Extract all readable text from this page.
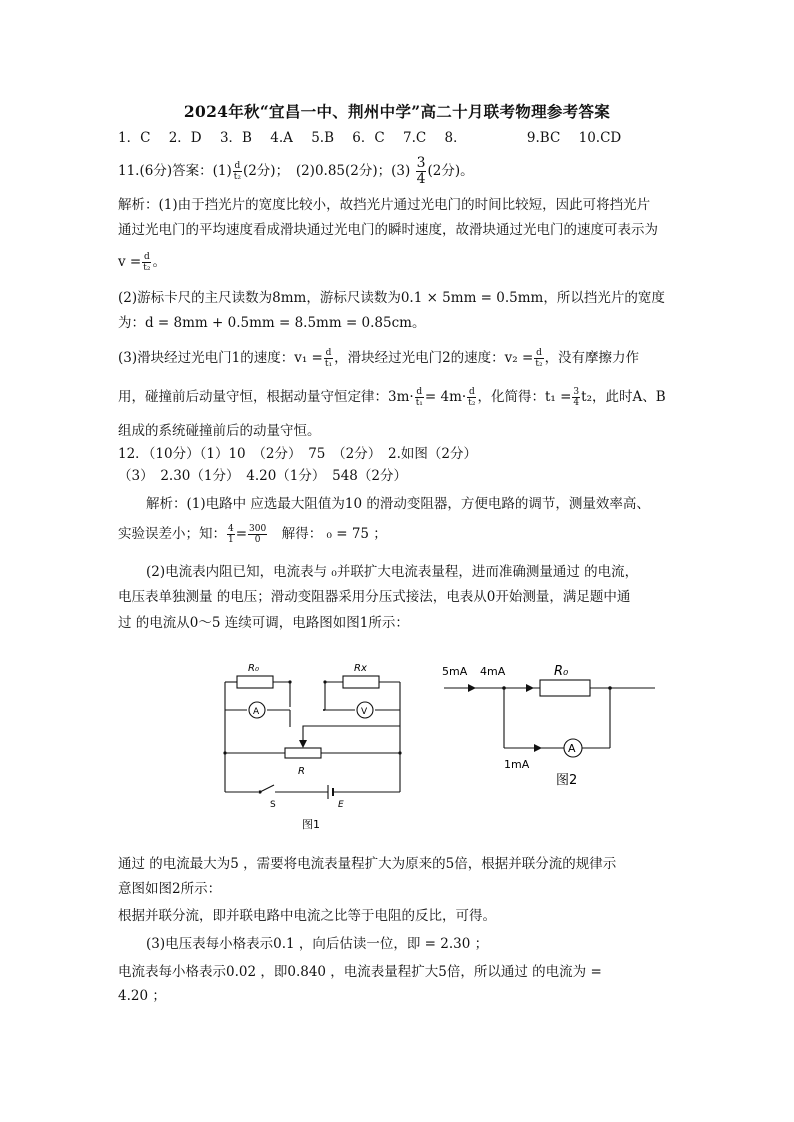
2024年秋“宜昌一中、荆州中学”高二十月联考物理参考答案
1．C 2．D 3．B 4.A 5.B 6．C 7.C 8．	9.BC 10.CD
11.(6分)答案：$(1) \frac{d}{\text{t₂}} (2$分)；　 (2)0.85(2分)；$(3) \frac{3}{4} (2$分)。
解析：(1)由于挡光片的宽度比较小，故挡光片通过光电门的时间比较短，因此可将挡光片
通过光电门的平均速度看成滑块通过光电门的瞬时速度，故滑块通过光电门的速度可表示为
$v = \frac{d}{\text{t₂}}$ 。
(2)游标卡尺的主尺读数为8mm，游标尺读数为0.1 × 5mm = 0.5mm，所以挡光片的宽度
为：d = 8mm + 0.5mm = 8.5mm = 0.85cm。
(3)滑块经过光电门1的速度：$v_1 = \frac{d}{\text{t₁}}$ ，滑块经过光电门2的速度：$v_2 = \frac{d}{\text{t₂}}$ ，没有摩擦力作
用，碰撞前后动量守恒，根据动量守恒定律：$3m\cdot \frac{d}{\text{t₁}} = 4m\cdot \frac{d}{\text{t₂}}$ ，化简得：$t_1 = \frac{3}{4} t_2$，此时A、B
组成的系统碰撞前后的动量守恒。
12．（10分）（1）10　（2分）　75　（2分）　2.如图（2分）
（3）　2.30（1分）　4.20（1分）　548（2分）
解析：(1)电路中 应选最大阻值为10 的滑动变阻器，方便电路的调节，测量效率高、
实验误差小；知： $\frac{4}{1} = \frac{300}{0}$ 　解得： ₀ = 75 ；
(2)电流表内阻已知，电流表与 ₀并联扩大电流表量程，进而准确测量通过 的电流，
电压表单独测量 的电压；滑动变阻器采用分压式接法，电表从0开始测量，满足题中通
过 的电流从0～5 连续可调，电路图如图1所示：
R₀	Rx
A	V
R
S	E
图1
5mA 4mA	R₀
A
1mA
图2
通过 的电流最大为5 ，需要将电流表量程扩大为原来的5倍，根据并联分流的规律示
意图如图2所示：
根据并联分流，即并联电路中电流之比等于电阻的反比，可得。
(3)电压表每小格表示0.1 ，向后估读一位，即 = 2.30 ；
电流表每小格表示0.02 ，即0.840 ，电流表量程扩大5倍，所以通过 的电流为 =
4.20 ；
